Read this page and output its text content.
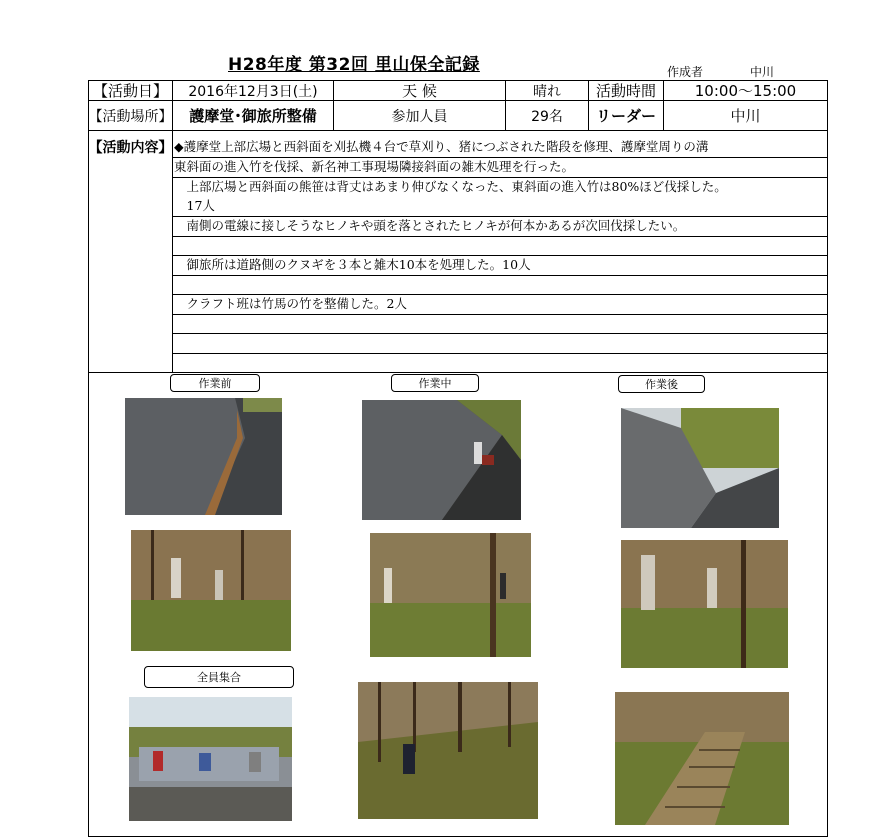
H28年度 第32回 里山保全記録	作成者	中川
【活動日】	2016年12月3日(土)	天 候	晴れ	活動時間	10:00〜15:00
【活動場所】	護摩堂･御旅所整備	参加人員	29名	リーダー	中川
【活動内容】 ◆護摩堂上部広場と西斜面を刈払機４台で草刈り、猪につぶされた階段を修理、護摩堂周りの溝
東斜面の進入竹を伐採、新名神工事現場隣接斜面の雑木処理を行った。
　上部広場と西斜面の熊笹は背丈はあまり伸びなくなった、東斜面の進入竹は80%ほど伐採した。
　17人
　南側の電線に接しそうなヒノキや頭を落とされたヒノキが何本かあるが次回伐採したい。
　御旅所は道路側のクヌギを３本と雑木10本を処理した。10人
　クラフト班は竹馬の竹を整備した。2人
作業前	作業中	作業後
全員集合
